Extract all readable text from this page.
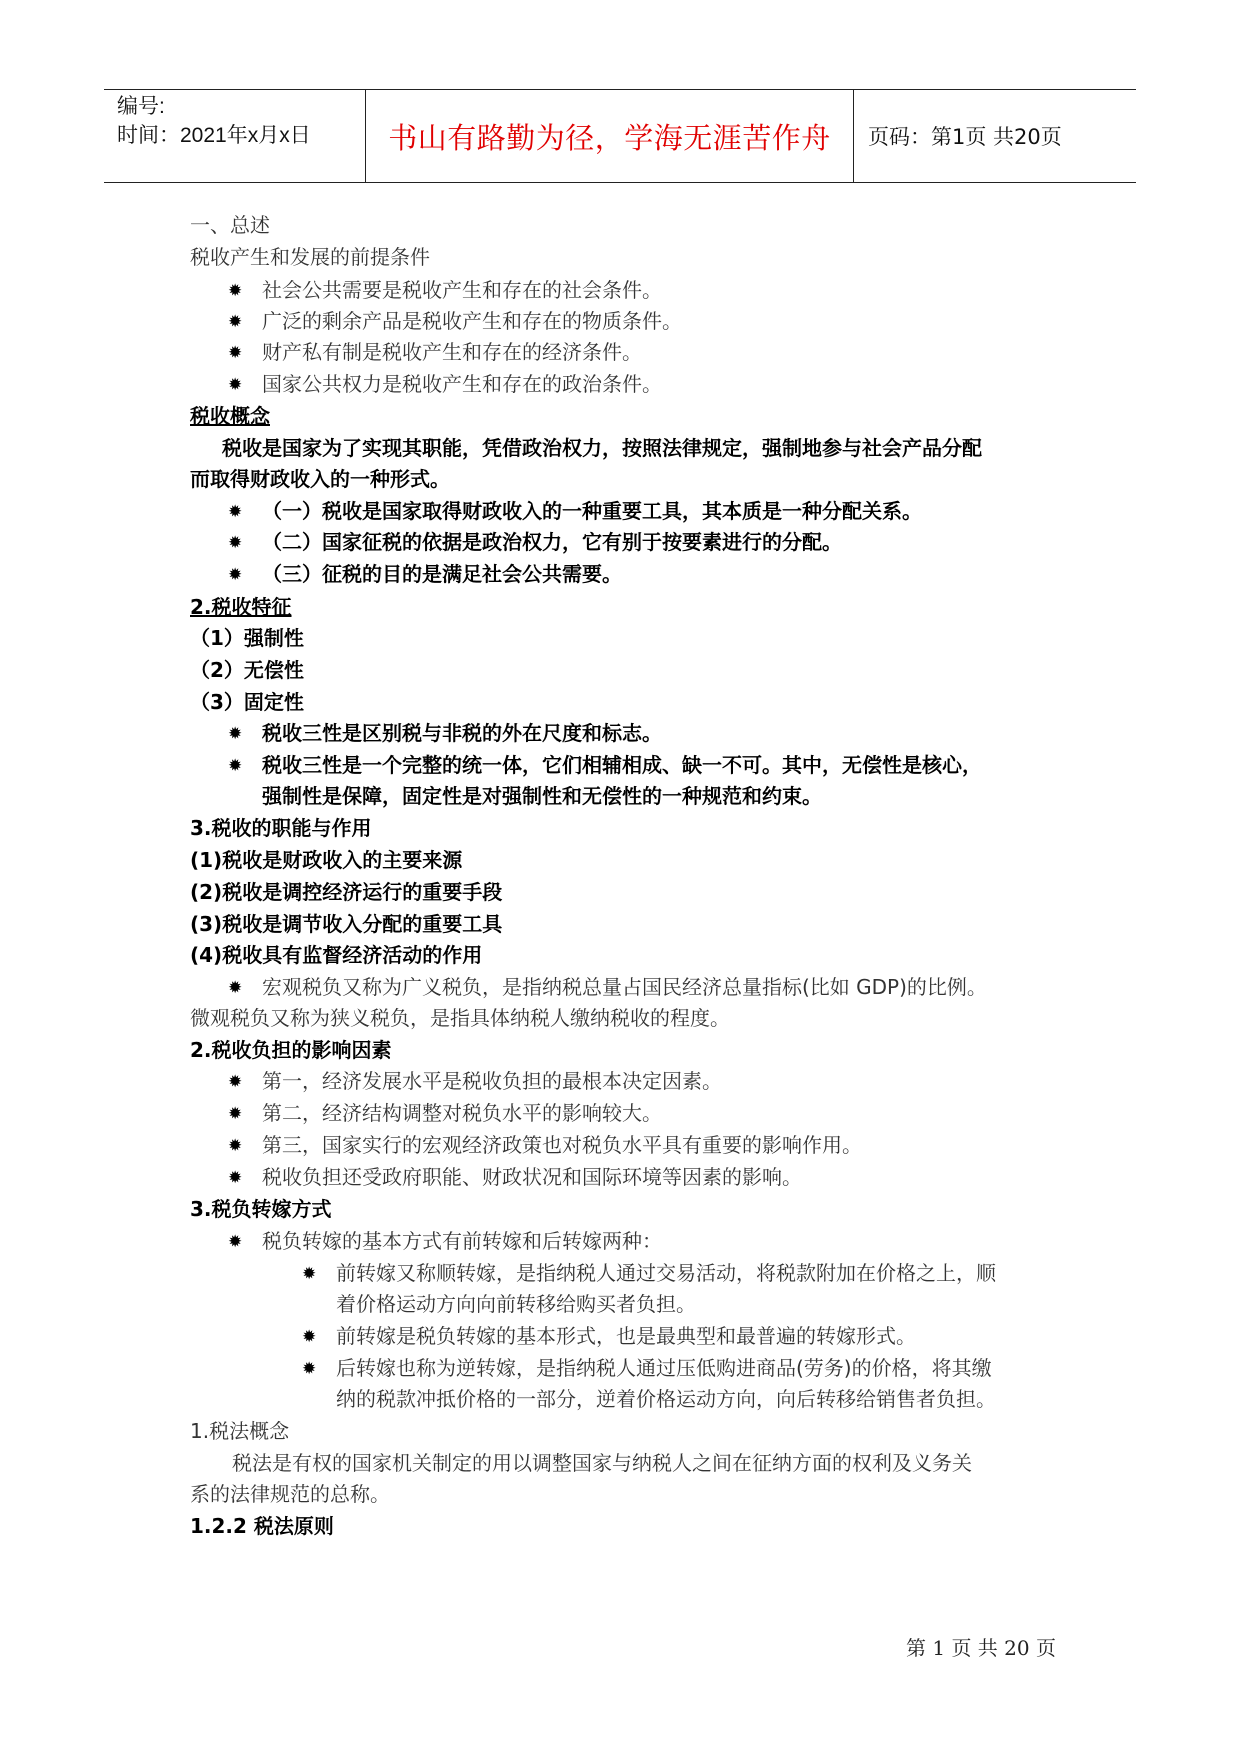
编号:
时间：2021年x月x日	书山有路勤为径，学海无涯苦作舟	页码：第1页 共20页
一、总述
税收产生和发展的前提条件
✹ 社会公共需要是税收产生和存在的社会条件。
✹ 广泛的剩余产品是税收产生和存在的物质条件。
✹ 财产私有制是税收产生和存在的经济条件。
✹ 国家公共权力是税收产生和存在的政治条件。
税收概念
税收是国家为了实现其职能，凭借政治权力，按照法律规定，强制地参与社会产品分配
而取得财政收入的一种形式。
✹ （一）税收是国家取得财政收入的一种重要工具，其本质是一种分配关系。
✹ （二）国家征税的依据是政治权力，它有别于按要素进行的分配。
✹ （三）征税的目的是满足社会公共需要。
2.税收特征
（1）强制性
（2）无偿性
（3）固定性
✹ 税收三性是区别税与非税的外在尺度和标志。
✹ 税收三性是一个完整的统一体，它们相辅相成、缺一不可。其中，无偿性是核心，
强制性是保障，固定性是对强制性和无偿性的一种规范和约束。
3.税收的职能与作用
(1)税收是财政收入的主要来源
(2)税收是调控经济运行的重要手段
(3)税收是调节收入分配的重要工具
(4)税收具有监督经济活动的作用
✹ 宏观税负又称为广义税负，是指纳税总量占国民经济总量指标(比如 GDP)的比例。
微观税负又称为狭义税负，是指具体纳税人缴纳税收的程度。
2.税收负担的影响因素
✹ 第一，经济发展水平是税收负担的最根本决定因素。
✹ 第二，经济结构调整对税负水平的影响较大。
✹ 第三，国家实行的宏观经济政策也对税负水平具有重要的影响作用。
✹ 税收负担还受政府职能、财政状况和国际环境等因素的影响。
3.税负转嫁方式
✹ 税负转嫁的基本方式有前转嫁和后转嫁两种：
✹ 前转嫁又称顺转嫁，是指纳税人通过交易活动，将税款附加在价格之上，顺
着价格运动方向向前转移给购买者负担。
✹ 前转嫁是税负转嫁的基本形式，也是最典型和最普遍的转嫁形式。
✹ 后转嫁也称为逆转嫁，是指纳税人通过压低购进商品(劳务)的价格，将其缴
纳的税款冲抵价格的一部分，逆着价格运动方向，向后转移给销售者负担。
1.税法概念
税法是有权的国家机关制定的用以调整国家与纳税人之间在征纳方面的权利及义务关
系的法律规范的总称。
1.2.2 税法原则
第 1 页 共 20 页
